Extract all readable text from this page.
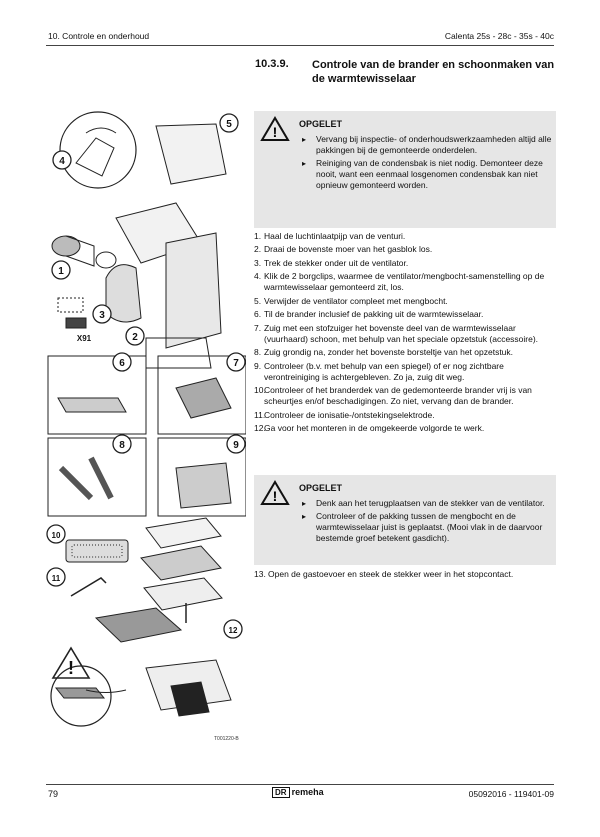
10. Controle en onderhoud	Calenta 25s - 28c - 35s - 40c
10.3.9. Controle van de brander en schoonmaken van de warmtewisselaar
1
2
3
4
5
6	7
8	9
10
11
12
X91
!
T001220-B
! OPGELET
▸ Vervang bij inspectie- of onderhoudswerkzaamheden altijd alle pakkingen bij de gemonteerde onderdelen.
▸ Reiniging van de condensbak is niet nodig. Demonteer deze nooit, want een eenmaal losgenomen condensbak kan niet opnieuw gemonteerd worden.
1. Haal de luchtinlaatpijp van de venturi.
2. Draai de bovenste moer van het gasblok los.
3. Trek de stekker onder uit de ventilator.
4. Klik de 2 borgclips, waarmee de ventilator/mengbocht-samenstelling op de warmtewisselaar gemonteerd zit, los.
5. Verwijder de ventilator compleet met mengbocht.
6. Til de brander inclusief de pakking uit de warmtewisselaar.
7. Zuig met een stofzuiger het bovenste deel van de warmtewisselaar (vuurhaard) schoon, met behulp van het speciale opzetstuk (accessoire).
8. Zuig grondig na, zonder het bovenste borsteltje van het opzetstuk.
9. Controleer (b.v. met behulp van een spiegel) of er nog zichtbare verontreiniging is achtergebleven. Zo ja, zuig dit weg.
10.
Controleer of het branderdek van de gedemonteerde brander vrij is van scheurtjes en/of beschadigingen. Zo niet, vervang dan de brander.
11.
Controleer de ionisatie-/ontstekingselektrode.
12.
Ga voor het monteren in de omgekeerde volgorde te werk.
! OPGELET
▸ Denk aan het terugplaatsen van de stekker van de ventilator.
▸ Controleer of de pakking tussen de mengbocht en de warmtewisselaar juist is geplaatst. (Mooi vlak in de daarvoor bestemde groef betekent gasdicht).
13. Open de gastoevoer en steek de stekker weer in het stopcontact.
79	DR remeha	05092016 - 119401-09
